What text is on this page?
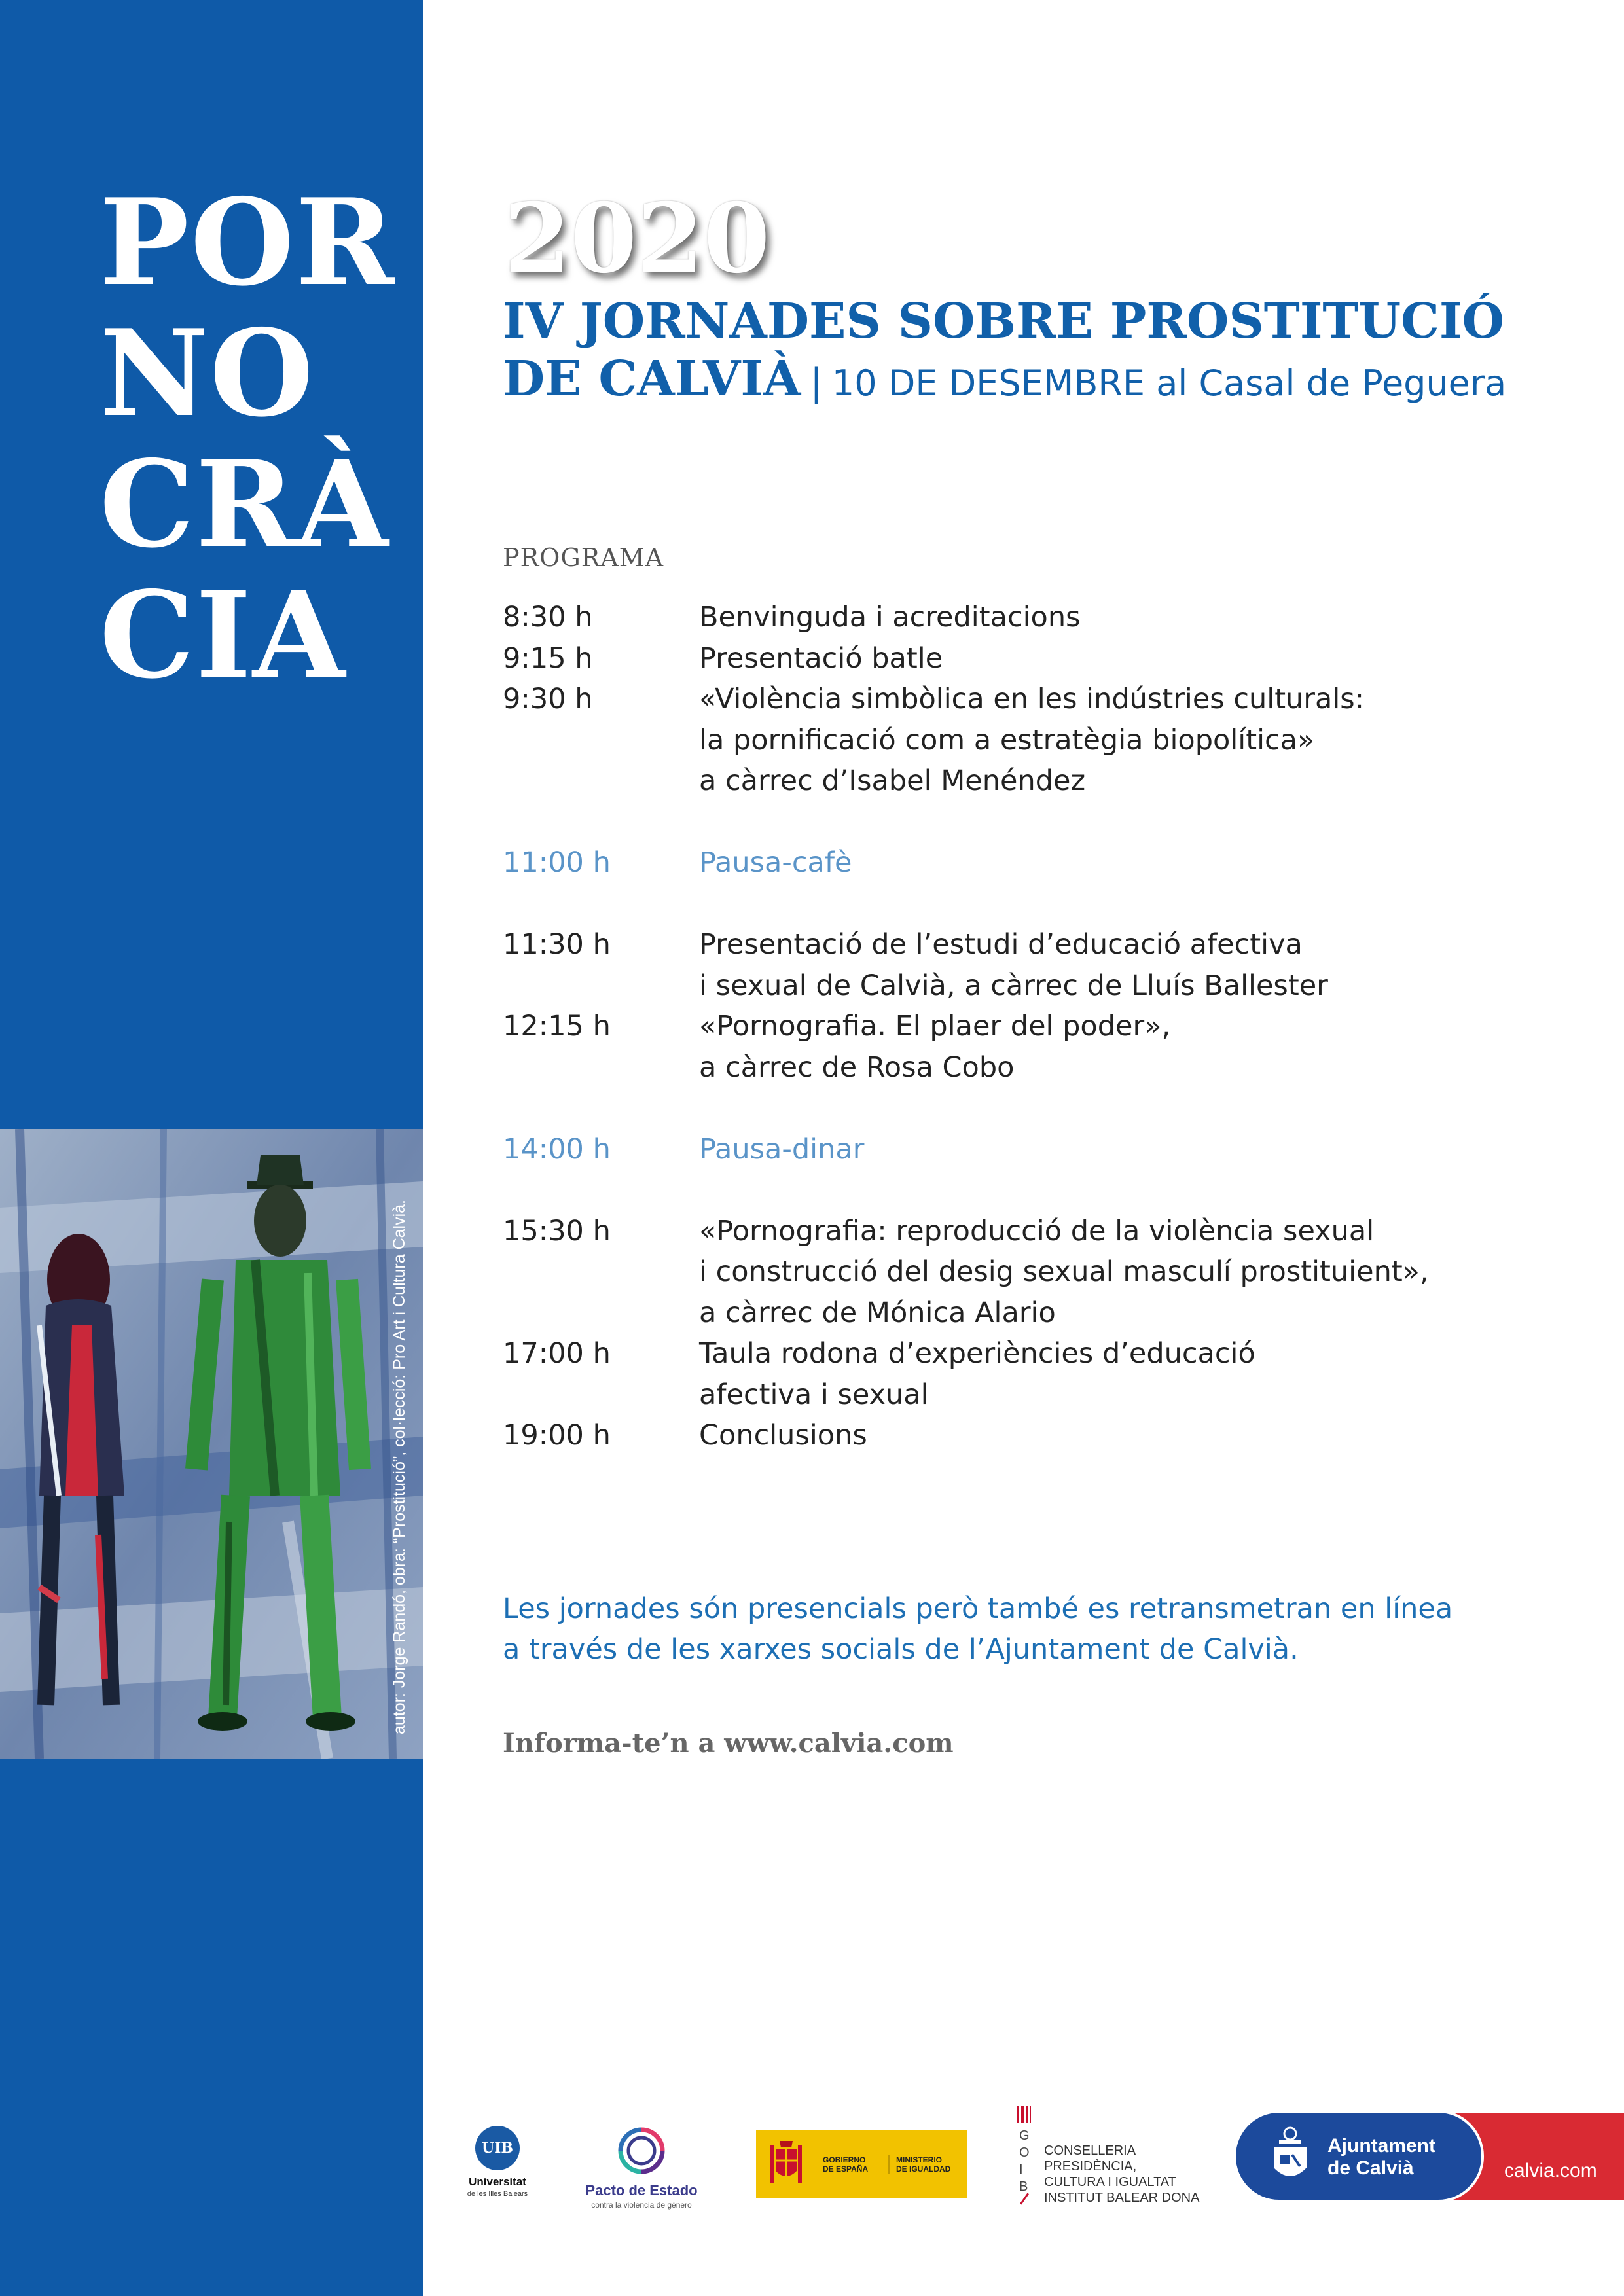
POR
NO
CRÀ
CIA
autor: Jorge Randó, obra: “Prostitució”, col·lecció: Pro Art i Cultura Calvià.
2020
IV JORNADES SOBRE PROSTITUCIÓ
DE CALVIÀ | 10 DE DESEMBRE al Casal de Peguera
PROGRAMA
8:30 h	Benvinguda i acreditacions
9:15 h	Presentació batle
9:30 h	«Violència simbòlica en les indústries culturals:
la pornificació com a estratègia biopolítica»
a càrrec d’Isabel Menéndez
11:00 h	Pausa-cafè
11:30 h	Presentació de l’estudi d’educació afectiva
i sexual de Calvià, a càrrec de Lluís Ballester
12:15 h	«Pornografia. El plaer del poder»,
a càrrec de Rosa Cobo
14:00 h	Pausa-dinar
15:30 h	«Pornografia: reproducció de la violència sexual
i construcció del desig sexual masculí prostituient»,
a càrrec de Mónica Alario
17:00 h	Taula rodona d’experiències d’educació
afectiva i sexual
19:00 h	Conclusions
Les jornades són presencials però també es retransmetran en línea
a través de les xarxes socials de l’Ajuntament de Calvià.
Informa-te’n a www.calvia.com
UIB
Universitat
de les Illes Balears	Pacto de Estado
contra la violencia de género
GOBIERNO
DE ESPAÑA
MINISTERIO
DE IGUALDAD
G
O
I
B
CONSELLERIA
PRESIDÈNCIA,
CULTURA I IGUALTAT
INSTITUT BALEAR DONA
Ajuntament
de Calvià	calvia.com
